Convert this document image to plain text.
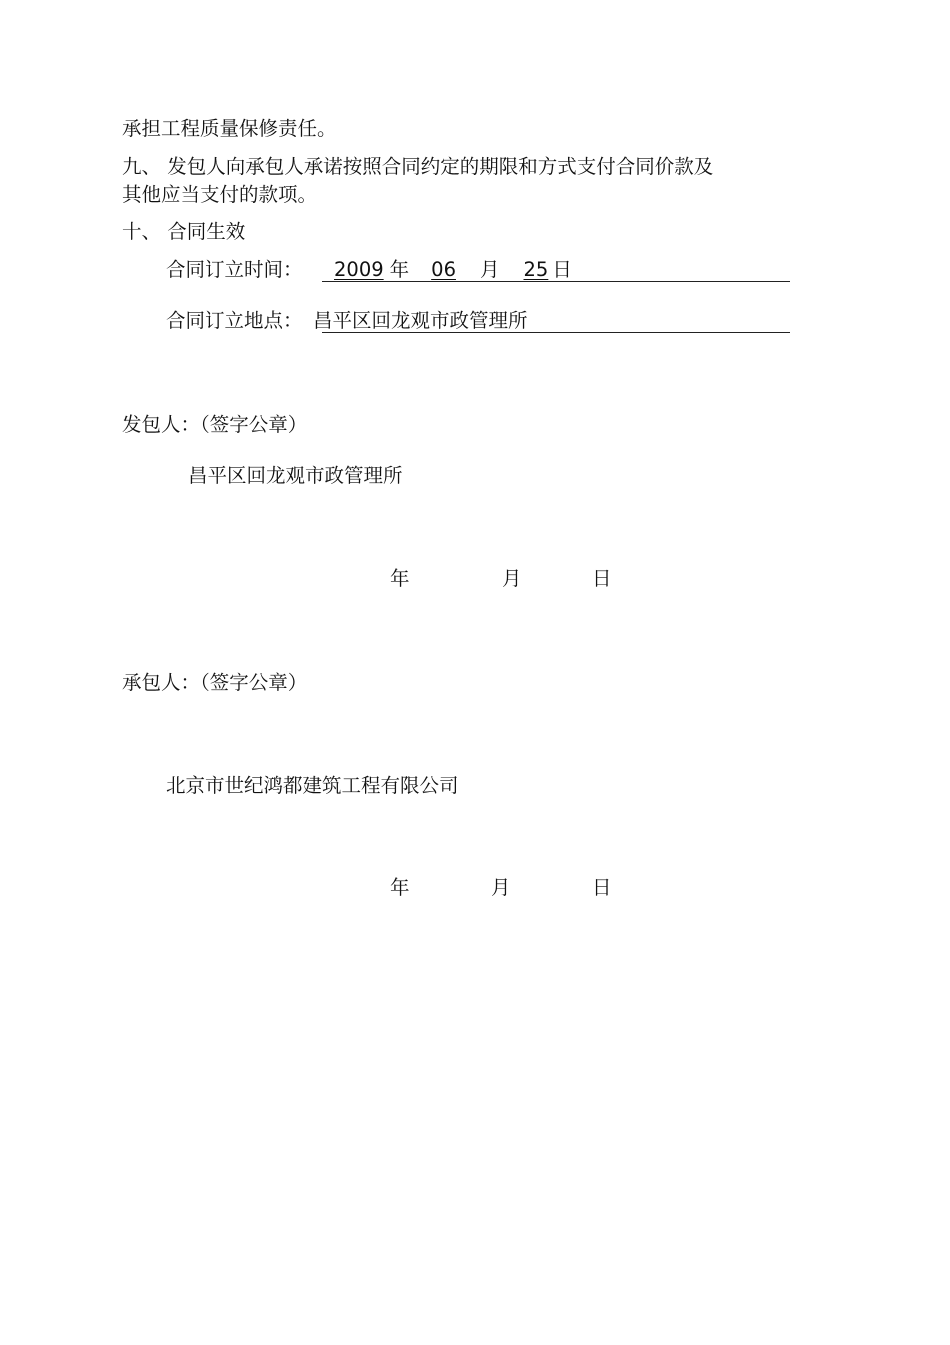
承担工程质量保修责任。

九、 发包人向承包人承诺按照合同约定的期限和方式支付合同价款及

其他应当支付的款项。

十、 合同生效

合同订立时间：	2009 年 06 月 25 日

合同订立地点： 昌平区回龙观市政管理所

发包人：（签字公章）

昌平区回龙观市政管理所

年	月	日

承包人：（签字公章）

北京市世纪鸿都建筑工程有限公司

年	月	日
